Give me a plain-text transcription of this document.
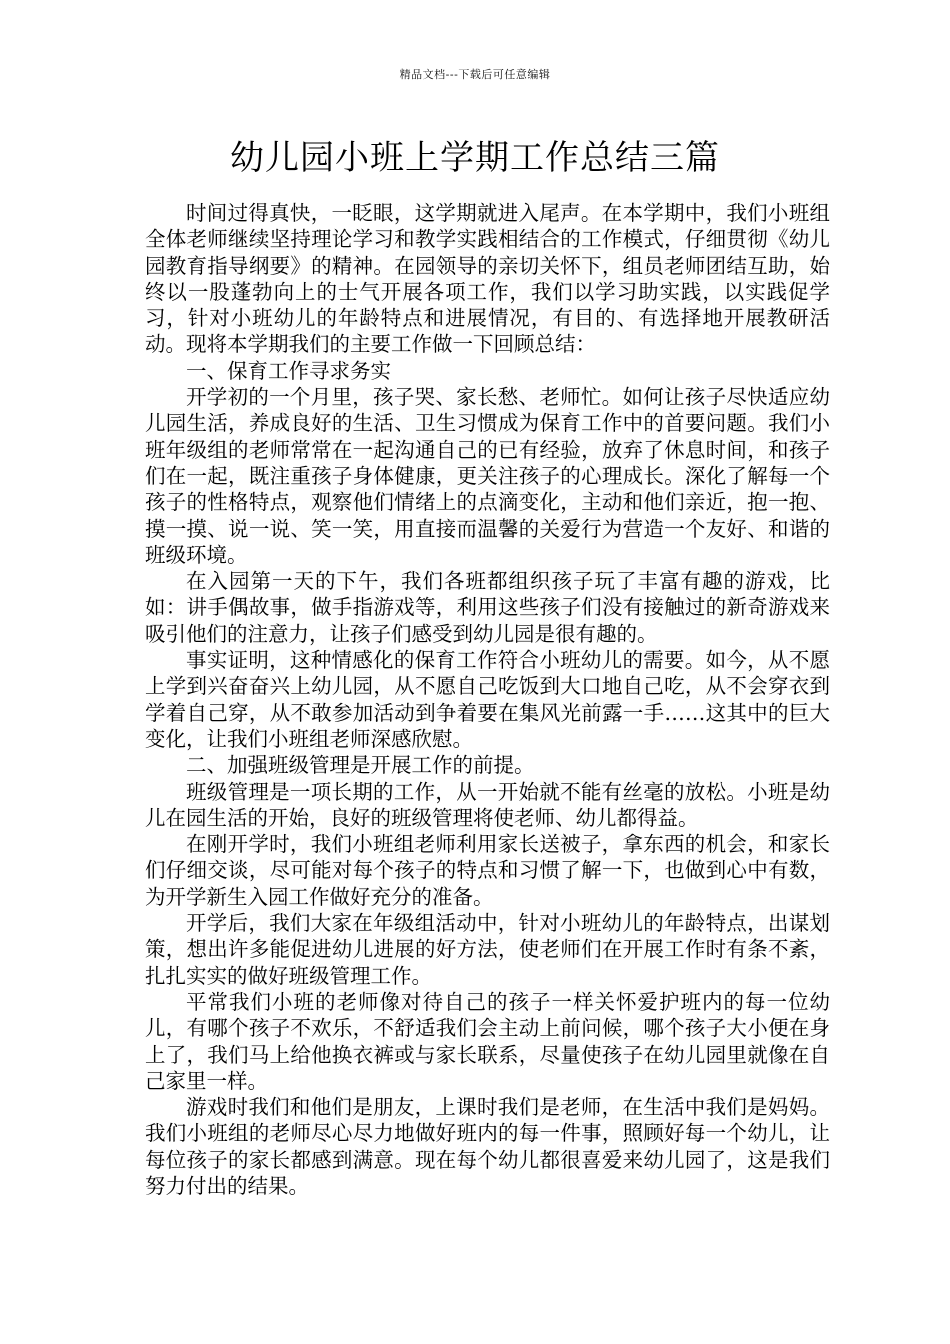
精品文档---下载后可任意编辑
幼儿园小班上学期工作总结三篇

时间过得真快，一眨眼，这学期就进入尾声。在本学期中，我们小班组全体老师继续坚持理论学习和教学实践相结合的工作模式，仔细贯彻《幼儿园教育指导纲要》的精神。在园领导的亲切关怀下，组员老师团结互助，始终以一股蓬勃向上的士气开展各项工作，我们以学习助实践，以实践促学习，针对小班幼儿的年龄特点和进展情况，有目的、有选择地开展教研活动。现将本学期我们的主要工作做一下回顾总结：

一、保育工作寻求务实

开学初的一个月里，孩子哭、家长愁、老师忙。如何让孩子尽快适应幼儿园生活，养成良好的生活、卫生习惯成为保育工作中的首要问题。我们小班年级组的老师常常在一起沟通自己的已有经验，放弃了休息时间，和孩子们在一起，既注重孩子身体健康，更关注孩子的心理成长。深化了解每一个孩子的性格特点，观察他们情绪上的点滴变化，主动和他们亲近，抱一抱、摸一摸、说一说、笑一笑，用直接而温馨的关爱行为营造一个友好、和谐的班级环境。

在入园第一天的下午，我们各班都组织孩子玩了丰富有趣的游戏，比如：讲手偶故事，做手指游戏等，利用这些孩子们没有接触过的新奇游戏来吸引他们的注意力，让孩子们感受到幼儿园是很有趣的。

事实证明，这种情感化的保育工作符合小班幼儿的需要。如今，从不愿上学到兴奋奋兴上幼儿园，从不愿自己吃饭到大口地自己吃，从不会穿衣到学着自己穿，从不敢参加活动到争着要在集风光前露一手……这其中的巨大变化，让我们小班组老师深感欣慰。

二、加强班级管理是开展工作的前提。

班级管理是一项长期的工作，从一开始就不能有丝毫的放松。小班是幼儿在园生活的开始，良好的班级管理将使老师、幼儿都得益。

在刚开学时，我们小班组老师利用家长送被子，拿东西的机会，和家长们仔细交谈，尽可能对每个孩子的特点和习惯了解一下，也做到心中有数，为开学新生入园工作做好充分的准备。

开学后，我们大家在年级组活动中，针对小班幼儿的年龄特点，出谋划策，想出许多能促进幼儿进展的好方法，使老师们在开展工作时有条不紊，扎扎实实的做好班级管理工作。

平常我们小班的老师像对待自己的孩子一样关怀爱护班内的每一位幼儿，有哪个孩子不欢乐，不舒适我们会主动上前问候，哪个孩子大小便在身上了，我们马上给他换衣裤或与家长联系，尽量使孩子在幼儿园里就像在自己家里一样。

游戏时我们和他们是朋友，上课时我们是老师，在生活中我们是妈妈。我们小班组的老师尽心尽力地做好班内的每一件事，照顾好每一个幼儿，让每位孩子的家长都感到满意。现在每个幼儿都很喜爱来幼儿园了，这是我们努力付出的结果。
